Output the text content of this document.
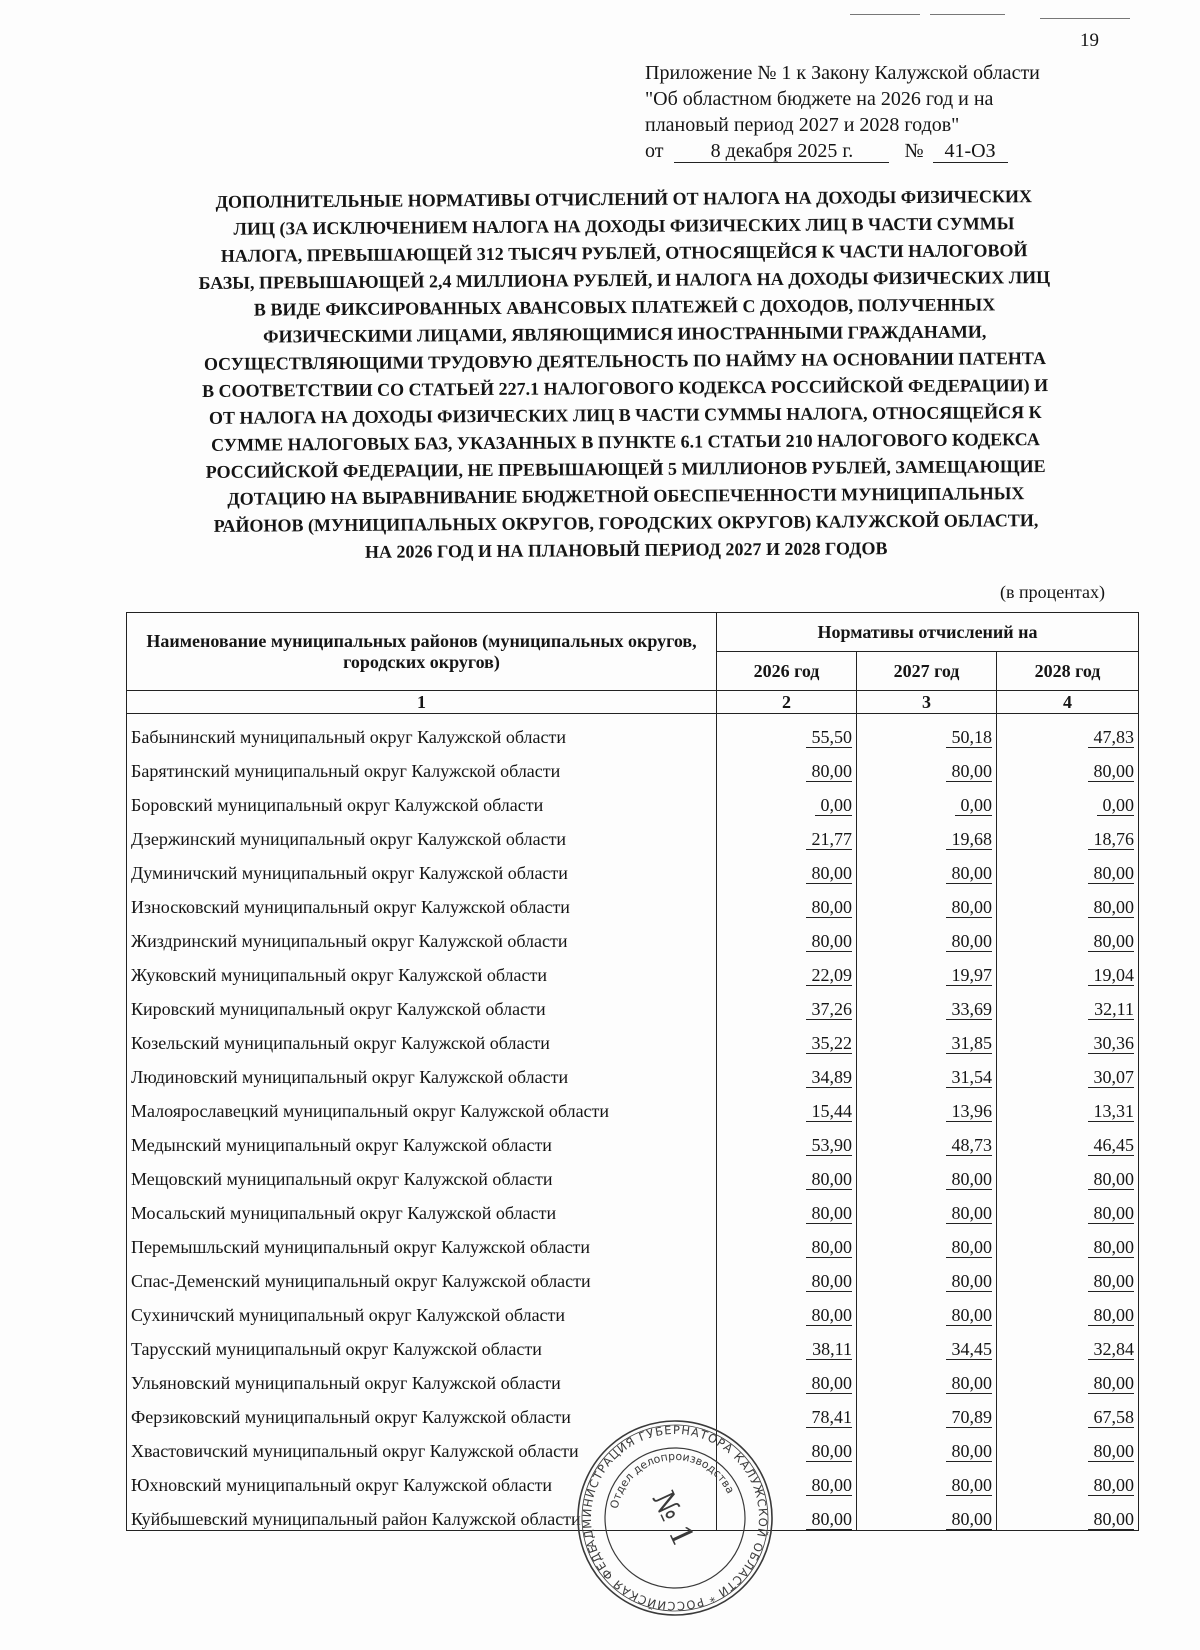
19
Приложение № 1 к Закону Калужской области
"Об областном бюджете на 2026 год и на
плановый период 2027 и 2028 годов"
от 8 декабря 2025 г.	№ 41-ОЗ
ДОПОЛНИТЕЛЬНЫЕ НОРМАТИВЫ ОТЧИСЛЕНИЙ ОТ НАЛОГА НА ДОХОДЫ ФИЗИЧЕСКИХ
ЛИЦ (ЗА ИСКЛЮЧЕНИЕМ НАЛОГА НА ДОХОДЫ ФИЗИЧЕСКИХ ЛИЦ В ЧАСТИ СУММЫ
НАЛОГА, ПРЕВЫШАЮЩЕЙ 312 ТЫСЯЧ РУБЛЕЙ, ОТНОСЯЩЕЙСЯ К ЧАСТИ НАЛОГОВОЙ
БАЗЫ, ПРЕВЫШАЮЩЕЙ 2,4 МИЛЛИОНА РУБЛЕЙ, И НАЛОГА НА ДОХОДЫ ФИЗИЧЕСКИХ ЛИЦ
В ВИДЕ ФИКСИРОВАННЫХ АВАНСОВЫХ ПЛАТЕЖЕЙ С ДОХОДОВ, ПОЛУЧЕННЫХ
ФИЗИЧЕСКИМИ ЛИЦАМИ, ЯВЛЯЮЩИМИСЯ ИНОСТРАННЫМИ ГРАЖДАНАМИ,
ОСУЩЕСТВЛЯЮЩИМИ ТРУДОВУЮ ДЕЯТЕЛЬНОСТЬ ПО НАЙМУ НА ОСНОВАНИИ ПАТЕНТА
В СООТВЕТСТВИИ СО СТАТЬЕЙ 227.1 НАЛОГОВОГО КОДЕКСА РОССИЙСКОЙ ФЕДЕРАЦИИ) И
ОТ НАЛОГА НА ДОХОДЫ ФИЗИЧЕСКИХ ЛИЦ В ЧАСТИ СУММЫ НАЛОГА, ОТНОСЯЩЕЙСЯ К
СУММЕ НАЛОГОВЫХ БАЗ, УКАЗАННЫХ В ПУНКТЕ 6.1 СТАТЬИ 210 НАЛОГОВОГО КОДЕКСА
РОССИЙСКОЙ ФЕДЕРАЦИИ, НЕ ПРЕВЫШАЮЩЕЙ 5 МИЛЛИОНОВ РУБЛЕЙ, ЗАМЕЩАЮЩИЕ
ДОТАЦИЮ НА ВЫРАВНИВАНИЕ БЮДЖЕТНОЙ ОБЕСПЕЧЕННОСТИ МУНИЦИПАЛЬНЫХ
РАЙОНОВ (МУНИЦИПАЛЬНЫХ ОКРУГОВ, ГОРОДСКИХ ОКРУГОВ) КАЛУЖСКОЙ ОБЛАСТИ,
НА 2026 ГОД И НА ПЛАНОВЫЙ ПЕРИОД 2027 И 2028 ГОДОВ
(в процентах)
Наименование муниципальных районов (муниципальных округов, городских округов)	Нормативы отчислений на		
	2026 год	2027 год	2028 год
1	2	3	4
Бабынинский муниципальный округ Калужской области	55,50	50,18	47,83
Барятинский муниципальный округ Калужской области	80,00	80,00	80,00
Боровский муниципальный округ Калужской области	0,00	0,00	0,00
Дзержинский муниципальный округ Калужской области	21,77	19,68	18,76
Думиничский муниципальный округ Калужской области	80,00	80,00	80,00
Износковский муниципальный округ Калужской области	80,00	80,00	80,00
Жиздринский муниципальный округ Калужской области	80,00	80,00	80,00
Жуковский муниципальный округ Калужской области	22,09	19,97	19,04
Кировский муниципальный округ Калужской области	37,26	33,69	32,11
Козельский муниципальный округ Калужской области	35,22	31,85	30,36
Людиновский муниципальный округ Калужской области	34,89	31,54	30,07
Малоярославецкий муниципальный округ Калужской области	15,44	13,96	13,31
Медынский муниципальный округ Калужской области	53,90	48,73	46,45
Мещовский муниципальный округ Калужской области	80,00	80,00	80,00
Мосальский муниципальный округ Калужской области	80,00	80,00	80,00
Перемышльский муниципальный округ Калужской области	80,00	80,00	80,00
Спас-Деменский муниципальный округ Калужской области	80,00	80,00	80,00
Сухиничский муниципальный округ Калужской области	80,00	80,00	80,00
Тарусский муниципальный округ Калужской области	38,11	34,45	32,84
Ульяновский муниципальный округ Калужской области	80,00	80,00	80,00
Ферзиковский муниципальный округ Калужской области	78,41	70,89	67,58
Хвастовичский муниципальный округ Калужской области	80,00	80,00	80,00
Юхновский муниципальный округ Калужской области	80,00	80,00	80,00
Куйбышевский муниципальный район Калужской области	80,00	80,00	80,00
АДМИНИСТРАЦИЯ ГУБЕРНАТОРА КАЛУЖСКОЙ ОБЛАСТИ * РОССИЙСКАЯ ФЕДЕРАЦИЯ
Отдел делопроизводства
№ 1
